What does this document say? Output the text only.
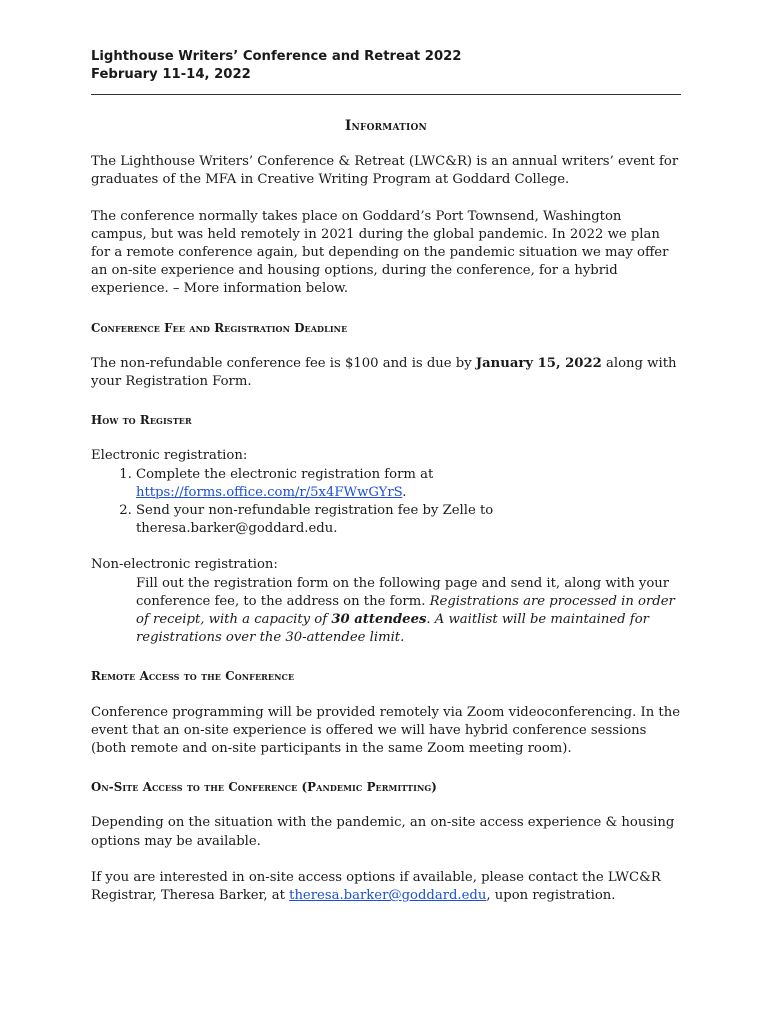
Lighthouse Writers’ Conference and Retreat 2022
February 11-14, 2022
Information

The Lighthouse Writers’ Conference & Retreat (LWC&R) is an annual writers’ event for graduates of the MFA in Creative Writing Program at Goddard College.

The conference normally takes place on Goddard’s Port Townsend, Washington campus, but was held remotely in 2021 during the global pandemic. In 2022 we plan for a remote conference again, but depending on the pandemic situation we may offer an on-site experience and housing options, during the conference, for a hybrid experience. – More information below.

Conference Fee and Registration Deadline

The non-refundable conference fee is $100 and is due by January 15, 2022 along with your Registration Form.

How to Register
Electronic registration:
1. Complete the electronic registration form at https://forms.office.com/r/5x4FWwGYrS.
2. Send your non-refundable registration fee by Zelle to theresa.barker@goddard.edu.
Non-electronic registration:

Fill out the registration form on the following page and send it, along with your conference fee, to the address on the form. Registrations are processed in order of receipt, with a capacity of 30 attendees. A waitlist will be maintained for registrations over the 30-attendee limit.

Remote Access to the Conference

Conference programming will be provided remotely via Zoom videoconferencing. In the event that an on-site experience is offered we will have hybrid conference sessions (both remote and on-site participants in the same Zoom meeting room).

On-Site Access to the Conference (Pandemic Permitting)

Depending on the situation with the pandemic, an on-site access experience & housing options may be available.

If you are interested in on-site access options if available, please contact the LWC&R Registrar, Theresa Barker, at theresa.barker@goddard.edu, upon registration.
